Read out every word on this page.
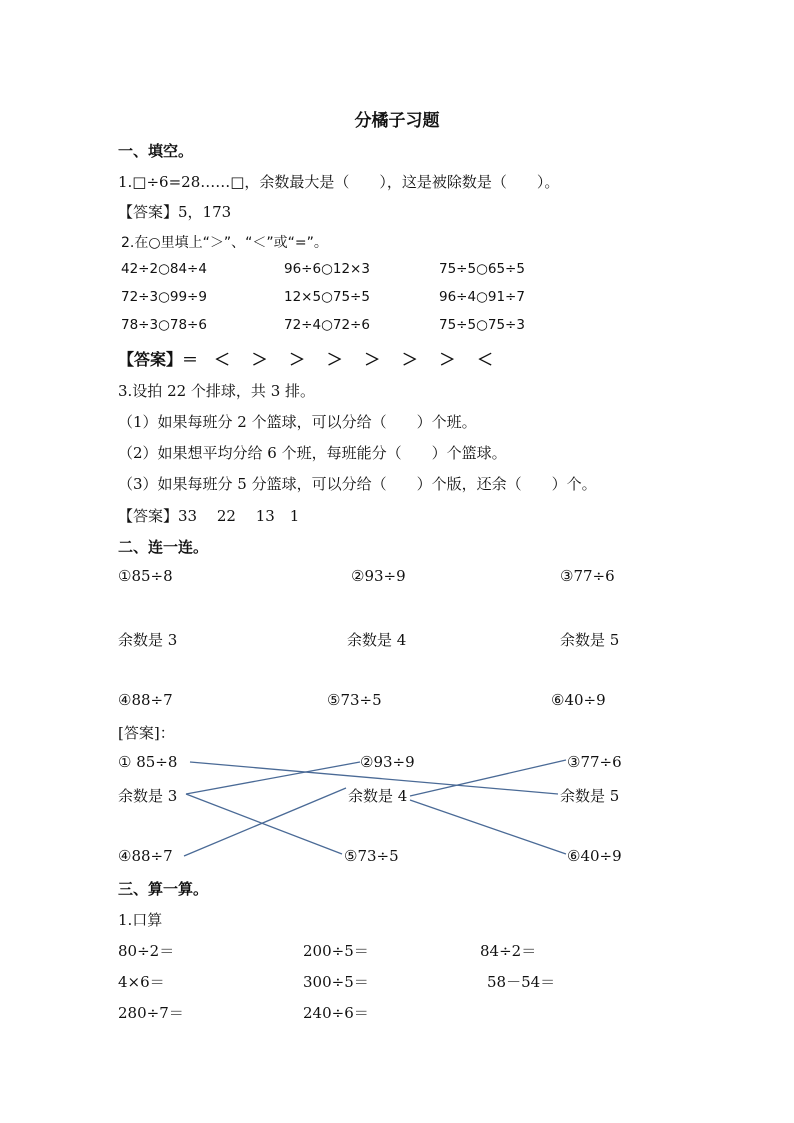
分橘子习题
一、填空。
1.□÷6=28……□，余数最大是（　　），这是被除数是（　　）。
【答案】5，173
2.在○里填上“＞”、“＜”或“=”。
42÷2○84÷4	96÷6○12×3	75÷5○65÷5
72÷3○99÷9	12×5○75÷5	96÷4○91÷7
78÷3○78÷6	72÷4○72÷6	75÷5○75÷3
【答案】＝　＜　 ＞　 ＞　 ＞　 ＞　 ＞　 ＞　 ＜
3.设拍 22 个排球，共 3 排。
（1）如果每班分 2 个篮球，可以分给（　　）个班。
（2）如果想平均分给 6 个班，每班能分（　　）个篮球。
（3）如果每班分 5 分篮球，可以分给（　　）个版，还余（　　）个。
【答案】33　 22　 13　1
二、连一连。
①85÷8	②93÷9	③77÷6
余数是 3	余数是 4	余数是 5
④88÷7	⑤73÷5	⑥40÷9
[答案]：
① 85÷8	②93÷9	③77÷6
余数是 3	余数是 4	余数是 5
④88÷7	⑤73÷5	⑥40÷9
三、算一算。
1.口算
80÷2＝	200÷5＝	84÷2＝
4×6＝	300÷5＝	58－54＝
280÷7＝	240÷6＝
